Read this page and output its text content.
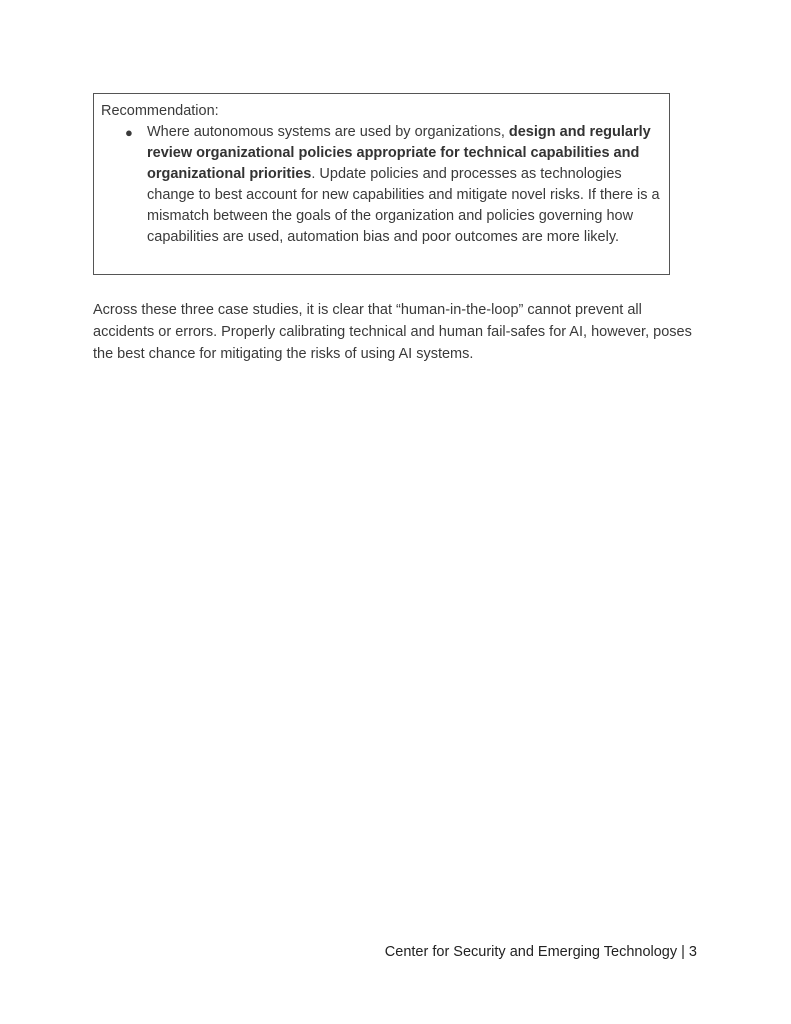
Recommendation:
● Where autonomous systems are used by organizations, design and regularly review organizational policies appropriate for technical capabilities and organizational priorities. Update policies and processes as technologies change to best account for new capabilities and mitigate novel risks. If there is a mismatch between the goals of the organization and policies governing how capabilities are used, automation bias and poor outcomes are more likely.

Across these three case studies, it is clear that “human-in-the-loop” cannot prevent all accidents or errors. Properly calibrating technical and human fail-safes for AI, however, poses the best chance for mitigating the risks of using AI systems.

Center for Security and Emerging Technology | 3
